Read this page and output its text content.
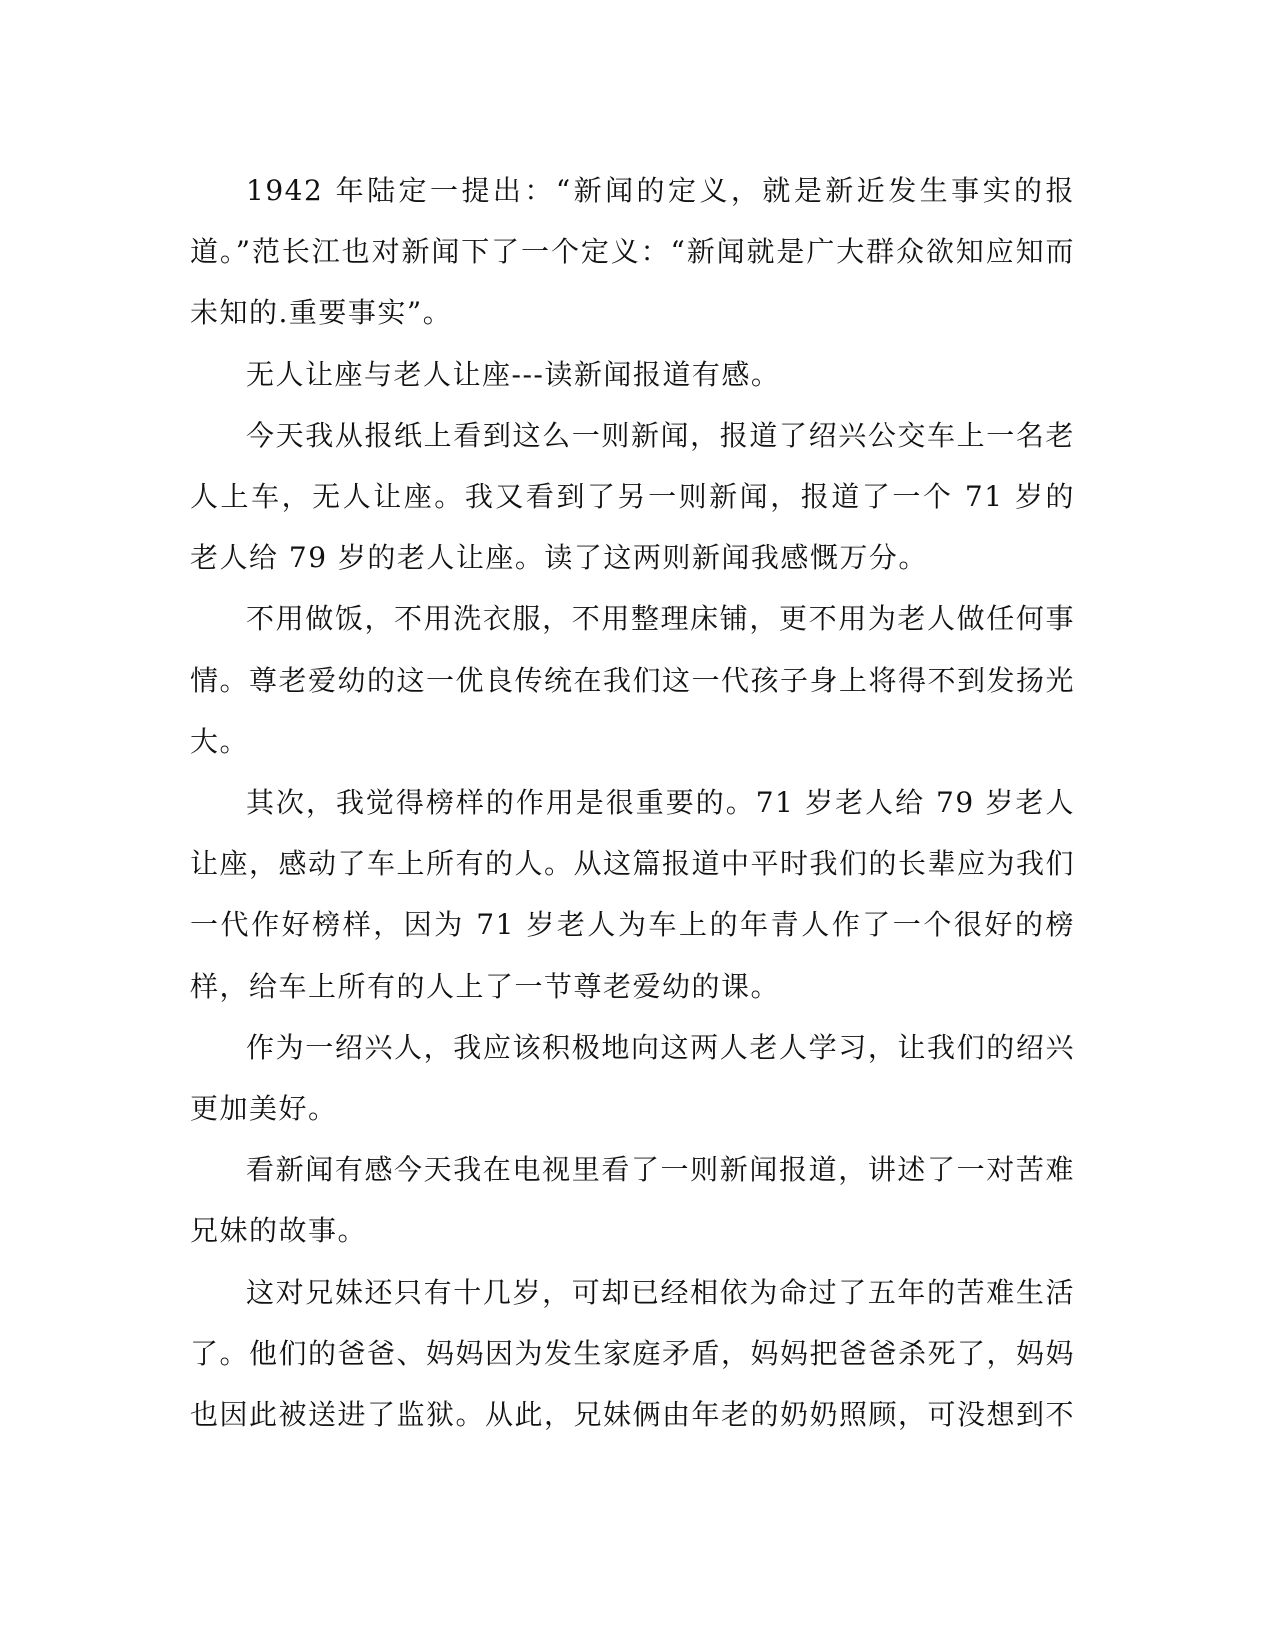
1942 年陆定一提出：“新闻的定义，就是新近发生事实的报道。”范长江也对新闻下了一个定义：“新闻就是广大群众欲知应知而未知的.重要事实”。

无人让座与老人让座---读新闻报道有感。

今天我从报纸上看到这么一则新闻，报道了绍兴公交车上一名老人上车，无人让座。我又看到了另一则新闻，报道了一个 71 岁的老人给 79 岁的老人让座。读了这两则新闻我感慨万分。

不用做饭，不用洗衣服，不用整理床铺，更不用为老人做任何事情。尊老爱幼的这一优良传统在我们这一代孩子身上将得不到发扬光大。

其次，我觉得榜样的作用是很重要的。71 岁老人给 79 岁老人让座，感动了车上所有的人。从这篇报道中平时我们的长辈应为我们一代作好榜样，因为 71 岁老人为车上的年青人作了一个很好的榜样，给车上所有的人上了一节尊老爱幼的课。

作为一绍兴人，我应该积极地向这两人老人学习，让我们的绍兴更加美好。

看新闻有感今天我在电视里看了一则新闻报道，讲述了一对苦难兄妹的故事。

这对兄妹还只有十几岁，可却已经相依为命过了五年的苦难生活了。他们的爸爸、妈妈因为发生家庭矛盾，妈妈把爸爸杀死了，妈妈也因此被送进了监狱。从此，兄妹俩由年老的奶奶照顾，可没想到不
